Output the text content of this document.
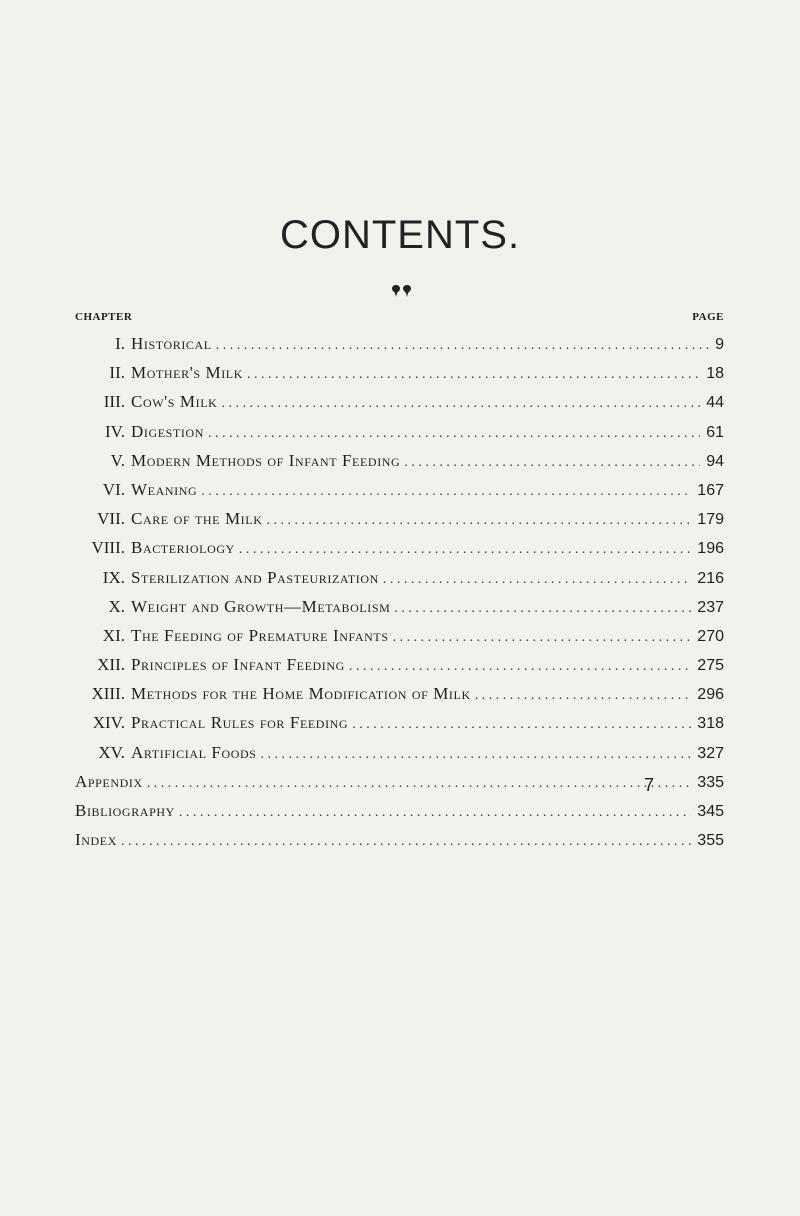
CONTENTS.
CHAPTER	PAGE
I. Historical . . .	9
II. Mother's Milk . . .	18
III. Cow's Milk . . .	44
IV. Digestion . . .	61
V. Modern Methods of Infant Feeding . . .	94
VI. Weaning . . .	167
VII. Care of the Milk . . .	179
VIII. Bacteriology . . .	196
IX. Sterilization and Pasteurization . . .	216
X. Weight and Growth—Metabolism . . .	237
XI. The Feeding of Premature Infants . . .	270
XII. Principles of Infant Feeding . . .	275
XIII. Methods for the Home Modification of Milk . . .	296
XIV. Practical Rules for Feeding . . .	318
XV. Artificial Foods . . .	327
Appendix . . .	335
Bibliography . . .	345
Index . . .	355
7
